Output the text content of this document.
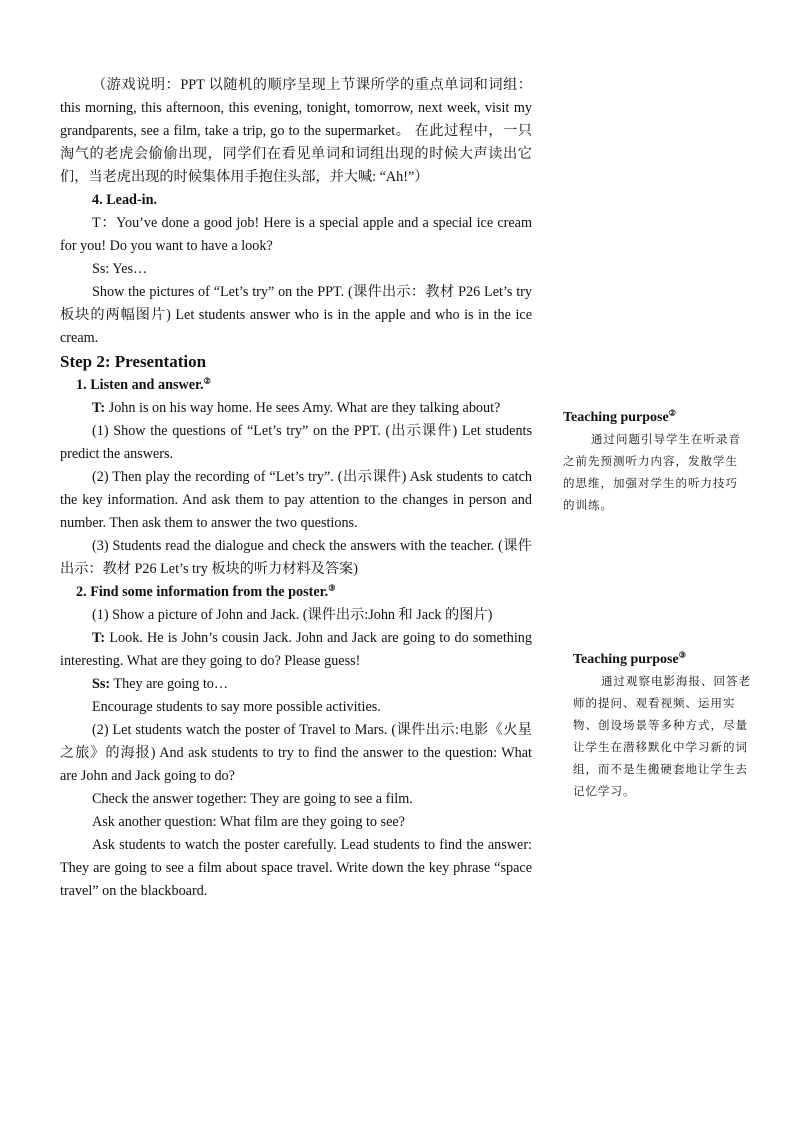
（游戏说明：PPT 以随机的顺序呈现上节课所学的重点单词和词组：this morning, this afternoon, this evening, tonight, tomorrow, next week, visit my grandparents, see a film, take a trip, go to the supermarket。 在此过程中，一只淘气的老虎会偷偷出现，同学们在看见单词和词组出现的时候大声读出它们，当老虎出现的时候集体用手抱住头部，并大喊: “Ah!”）

4. Lead-in.

T：You’ve done a good job! Here is a special apple and a special ice cream for you! Do you want to have a look?

Ss: Yes…

Show the pictures of “Let’s try” on the PPT. (课件出示：教材 P26 Let’s try 板块的两幅图片) Let students answer who is in the apple and who is in the ice cream.

Step 2: Presentation

1. Listen and answer.②

T: John is on his way home. He sees Amy. What are they talking about?

(1) Show the questions of “Let’s try” on the PPT. (出示课件) Let students predict the answers.

(2) Then play the recording of “Let’s try”. (出示课件) Ask students to catch the key information. And ask them to pay attention to the changes in person and number. Then ask them to answer the two questions.

(3) Students read the dialogue and check the answers with the teacher. (课件出示：教材 P26 Let’s try 板块的听力材料及答案)

2. Find some information from the poster.③

(1) Show a picture of John and Jack. (课件出示:John 和 Jack 的图片)

T: Look. He is John’s cousin Jack. John and Jack are going to do something interesting. What are they going to do? Please guess!

Ss: They are going to…

Encourage students to say more possible activities.

(2) Let students watch the poster of Travel to Mars. (课件出示:电影《火星之旅》的海报) And ask students to try to find the answer to the question: What are John and Jack going to do?

Check the answer together: They are going to see a film.

Ask another question: What film are they going to see?

Ask students to watch the poster carefully. Lead students to find the answer: They are going to see a film about space travel. Write down the key phrase “space travel” on the blackboard.

Teaching purpose②

通过问题引导学生在听录音之前先预测听力内容，发散学生的思维，加强对学生的听力技巧的训练。

Teaching purpose③

通过观察电影海报、回答老师的提问、观看视频、运用实物、创设场景等多种方式，尽量让学生在潜移默化中学习新的词组，而不是生搬硬套地让学生去记忆学习。
